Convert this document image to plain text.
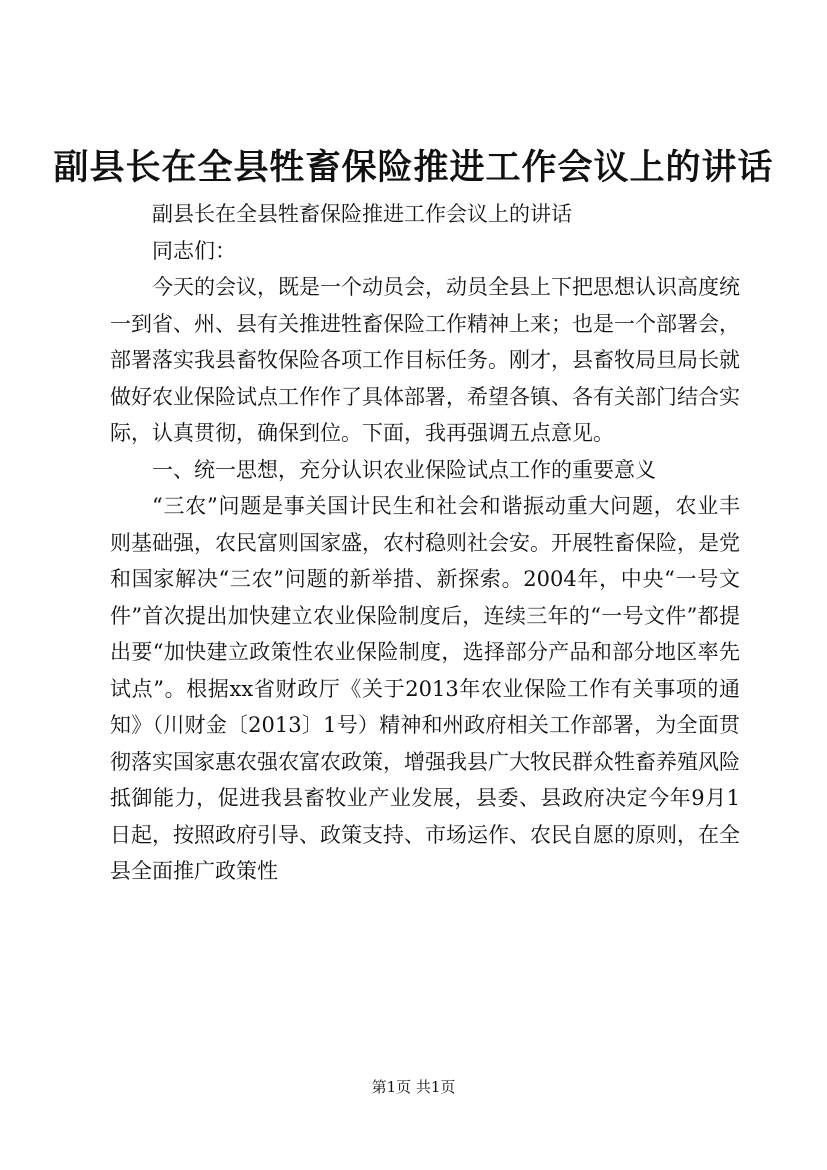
副县长在全县牲畜保险推进工作会议上的讲话

副县长在全县牲畜保险推进工作会议上的讲话

同志们：

今天的会议，既是一个动员会，动员全县上下把思想认识高度统一到省、州、县有关推进牲畜保险工作精神上来；也是一个部署会，部署落实我县畜牧保险各项工作目标任务。刚才，县畜牧局旦局长就做好农业保险试点工作作了具体部署，希望各镇、各有关部门结合实际，认真贯彻，确保到位。下面，我再强调五点意见。

一、统一思想，充分认识农业保险试点工作的重要意义

“三农”问题是事关国计民生和社会和谐振动重大问题，农业丰则基础强，农民富则国家盛，农村稳则社会安。开展牲畜保险，是党和国家解决“三农”问题的新举措、新探索。2004年，中央“一号文件”首次提出加快建立农业保险制度后，连续三年的“一号文件”都提出要“加快建立政策性农业保险制度，选择部分产品和部分地区率先试点”。根据xx省财政厅《关于2013年农业保险工作有关事项的通知》（川财金〔2013〕1号）精神和州政府相关工作部署，为全面贯彻落实国家惠农强农富农政策，增强我县广大牧民群众牲畜养殖风险抵御能力，促进我县畜牧业产业发展，县委、县政府决定今年9月1日起，按照政府引导、政策支持、市场运作、农民自愿的原则，在全县全面推广政策性

第1页 共1页
